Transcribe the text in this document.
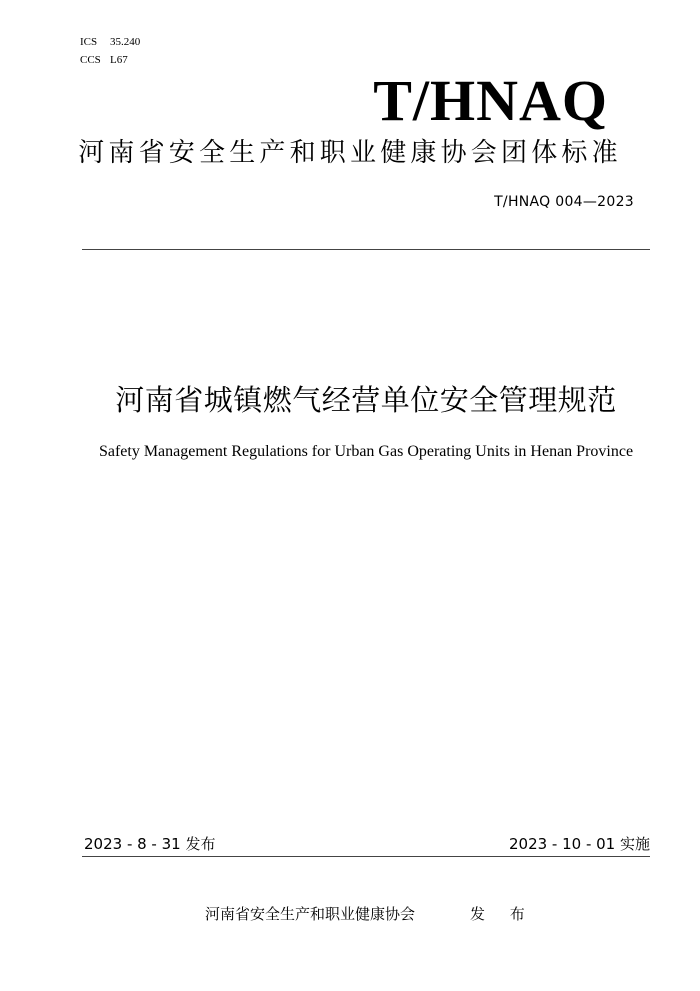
ICS 35.240
CCS L67
T/HNAQ
河南省安全生产和职业健康协会团体标准
T/HNAQ 004—2023
河南省城镇燃气经营单位安全管理规范
Safety Management Regulations for Urban Gas Operating Units in Henan Province
2023 - 8 - 31 发布	2023 - 10 - 01 实施
河南省安全生产和职业健康协会	发 布
